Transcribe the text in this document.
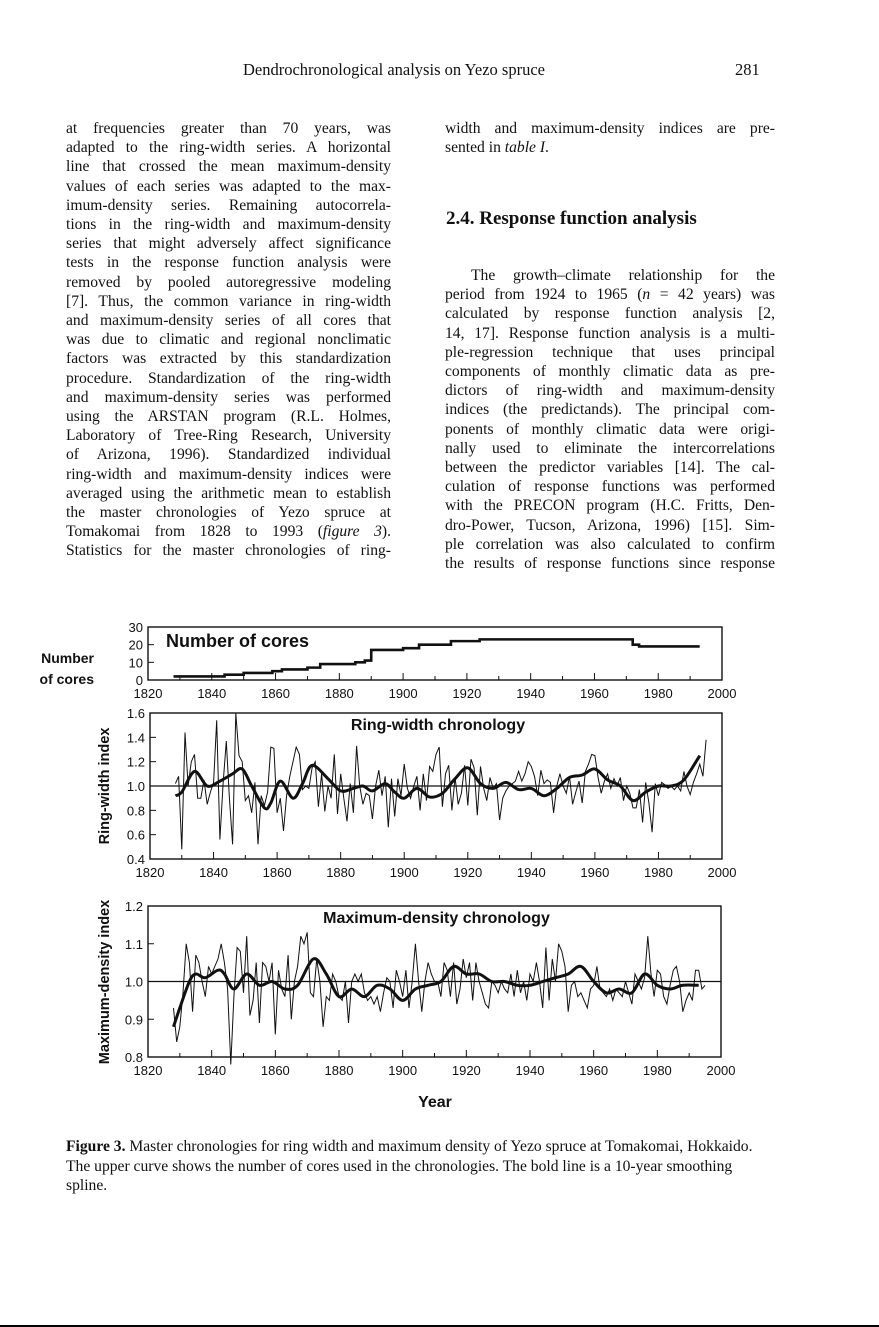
Dendrochronological analysis on Yezo spruce	281
at frequencies greater than 70 years, was
adapted to the ring-width series. A horizontal
line that crossed the mean maximum-density
values of each series was adapted to the max-
imum-density series. Remaining autocorrela-
tions in the ring-width and maximum-density
series that might adversely affect significance
tests in the response function analysis were
removed by pooled autoregressive modeling
[7]. Thus, the common variance in ring-width
and maximum-density series of all cores that
was due to climatic and regional nonclimatic
factors was extracted by this standardization
procedure. Standardization of the ring-width
and maximum-density series was performed
using the ARSTAN program (R.L. Holmes,
Laboratory of Tree-Ring Research, University
of Arizona, 1996). Standardized individual
ring-width and maximum-density indices were
averaged using the arithmetic mean to establish
the master chronologies of Yezo spruce at
Tomakomai from 1828 to 1993 (figure 3).
Statistics for the master chronologies of ring-
width and maximum-density indices are pre-
sented in table I.
2.4. Response function analysis
The growth–climate relationship for the
period from 1924 to 1965 (n = 42 years) was
calculated by response function analysis [2,
14, 17]. Response function analysis is a multi-
ple-regression technique that uses principal
components of monthly climatic data as pre-
dictors of ring-width and maximum-density
indices (the predictands). The principal com-
ponents of monthly climatic data were origi-
nally used to eliminate the intercorrelations
between the predictor variables [14]. The cal-
culation of response functions was performed
with the PRECON program (H.C. Fritts, Den-
dro-Power, Tucson, Arizona, 1996) [15]. Sim-
ple correlation was also calculated to confirm
the results of response functions since response
1820	1840	1860	1880	1900	1920	1940	1960	1980	2000
0
10
20
30
Number of cores
1820	1840	1860	1880	1900	1920	1940	1960	1980	2000
0.4
0.6
0.8
1.0
1.2
1.4
1.6
Ring-width chronology
1820	1840	1860	1880	1900	1920	1940	1960	1980	2000
0.8
0.9
1.0
1.1
1.2
Maximum-density chronology
Number
of cores
Ring-width index
Maximum-density index
Year
Figure 3. Master chronologies for ring width and maximum density of Yezo spruce at Tomakomai, Hokkaido. The upper curve shows the number of cores used in the chronologies. The bold line is a 10-year smoothing spline.
